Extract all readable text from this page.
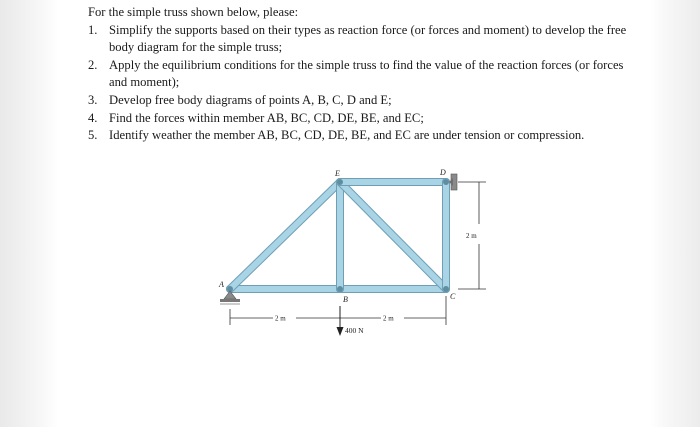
For the simple truss shown below, please:

1. Simplify the supports based on their types as reaction force (or forces and moment) to develop the free body diagram for the simple truss;
2. Apply the equilibrium conditions for the simple truss to find the value of the reaction forces (or forces and moment);
3. Develop free body diagrams of points A, B, C, D and E;
4. Find the forces within member AB, BC, CD, DE, BE, and EC;
5. Identify weather the member AB, BC, CD, DE, BE, and EC are under tension or compression.
A
B	C
D
E
2 m	2 m
2 m
400 N
